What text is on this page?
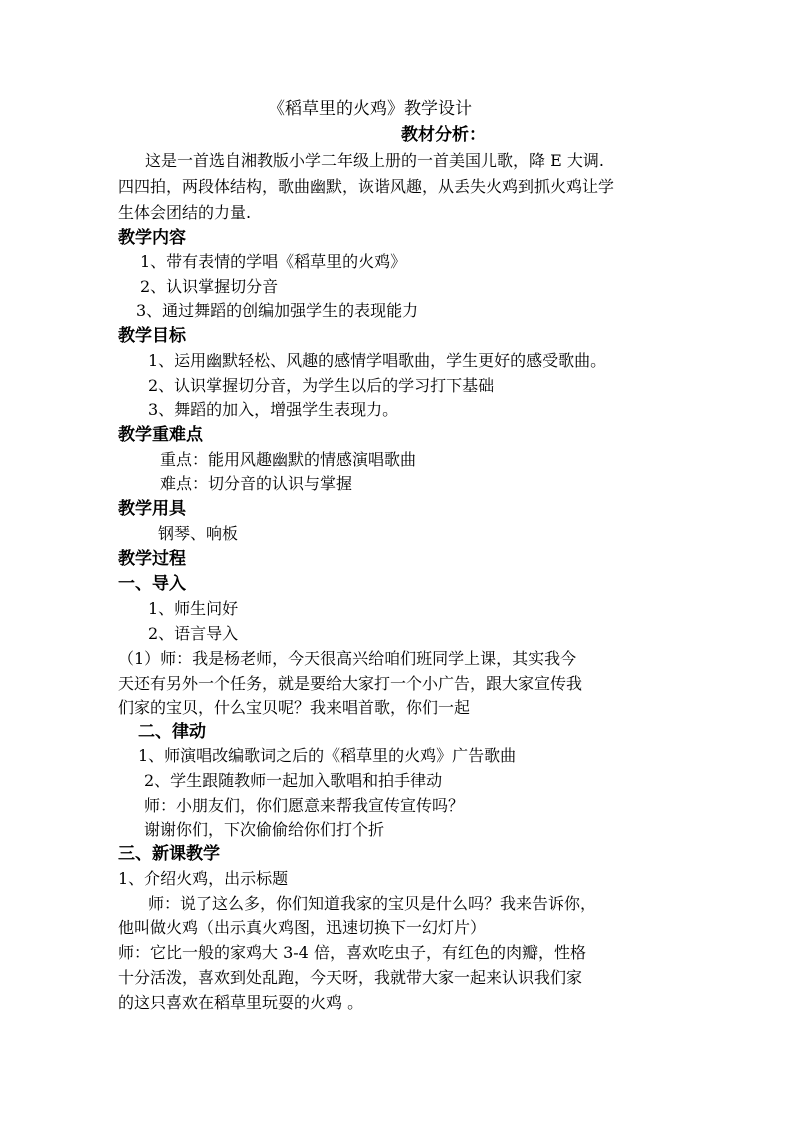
《稻草里的火鸡》教学设计
教材分析：
这是一首选自湘教版小学二年级上册的一首美国儿歌，降 E 大调.
四四拍，两段体结构，歌曲幽默，诙谐风趣，从丢失火鸡到抓火鸡让学
生体会团结的力量.
教学内容
1、带有表情的学唱《稻草里的火鸡》
2、认识掌握切分音
3、通过舞蹈的创编加强学生的表现能力
教学目标
1、运用幽默轻松、风趣的感情学唱歌曲，学生更好的感受歌曲。
2、认识掌握切分音，为学生以后的学习打下基础
3、舞蹈的加入，增强学生表现力。
教学重难点
重点：能用风趣幽默的情感演唱歌曲
难点：切分音的认识与掌握
教学用具
钢琴、响板
教学过程
一、导入
1、师生问好
2、语言导入
（1）师：我是杨老师，今天很高兴给咱们班同学上课，其实我今
天还有另外一个任务，就是要给大家打一个小广告，跟大家宣传我
们家的宝贝，什么宝贝呢？我来唱首歌，你们一起
二、律动
1、师演唱改编歌词之后的《稻草里的火鸡》广告歌曲
2、学生跟随教师一起加入歌唱和拍手律动
师：小朋友们，你们愿意来帮我宣传宣传吗？
谢谢你们，下次偷偷给你们打个折
三、新课教学
1、介绍火鸡，出示标题
师：说了这么多，你们知道我家的宝贝是什么吗？我来告诉你，
他叫做火鸡（出示真火鸡图，迅速切换下一幻灯片）
师：它比一般的家鸡大 3-4 倍，喜欢吃虫子，有红色的肉瓣，性格
十分活泼，喜欢到处乱跑，今天呀，我就带大家一起来认识我们家
的这只喜欢在稻草里玩耍的火鸡 。
